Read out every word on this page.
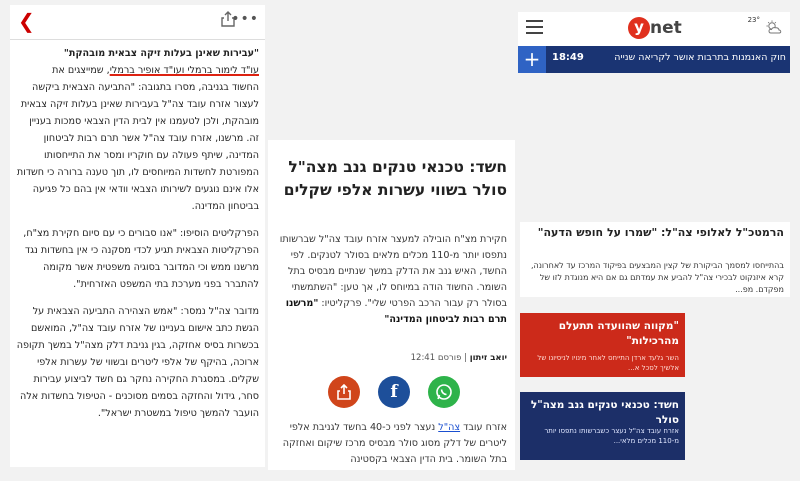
❮	•••

"עבירות שאינן בעלות זיקה צבאית מובהקת"

עו"ד לימור ברמלי ועו"ד אופיר ברמלי, שמייצגים את

החשוד בגניבה, מסרו בתגובה: "התביעה הצבאית ביקשה לעצור אזרח עובד צה"ל בעבירות שאינן בעלות זיקה צבאית מובהקת, ולכן לטעמנו אין לבית הדין הצבאי סמכות בעניין זה. מרשנו, אזרח עובד צה"ל אשר תרם רבות לביטחון המדינה, שיתף פעולה עם חוקריו ומסר את התייחסותו המפורטת לחשדות המיוחסים לו, תוך טענה ברורה כי חשדות אלו אינם נוגעים לשירותו הצבאי וודאי אין בהם כל פגיעה בביטחון המדינה.

הפרקליטים הוסיפו: "אנו סבורים כי עם סיום חקירת מצ"ח, הפרקליטות הצבאית תגיע לכדי מסקנה כי אין בחשדות נגד מרשנו ממש וכי המדובר בסוגיה משפטית אשר מקומה להתברר בפני מערכת בתי המשפט האזרחית".

מדובר צה"ל נמסר: "אמש הצהירה התביעה הצבאית על הגשת כתב אישום בעניינו של אזרח עובד צה"ל, המואשם בכשרות בסיס אחזקה, בגין גניבת דלק מצה"ל במשך תקופה ארוכה, בהיקף של אלפי ליטרים ובשווי של עשרות אלפי שקלים. במסגרת החקירה נחקר גם חשד לביצוע עבירות סחר, גידול והחזקה בסמים מסוכנים - הטיפול בחשדות אלה הועבר להמשך טיפול במשטרת ישראל".

חשד: טכנאי טנקים גנב מצה"ל סולר בשווי עשרות אלפי שקלים
חקירת מצ"ח הובילה למעצר אזרח עובד צה"ל שברשותו נתפסו יותר מ-110 מכלים מלאים בסולר לטנקים. לפי החשד, האיש גנב את הדלק במשך שנתיים מבסיס בתל השומר. החשוד הודה במיוחס לו, אך טען: "השתמשתי בסולר רק עבור הרכב הפרטי שלי". פרקליטיו: "מרשנו תרם רבות לביטחון המדינה"
יואב זיתון | פורסם 12:41
f
אזרח עובד צה"ל נעצר לפני כ-40 בחשד לגניבת אלפי ליטרים של דלק מסוג סולר מבסיס מרכז שיקום ואחזקה בתל השומר. בית הדין הצבאי בקסטינה
y net	23°
+	18:49	חוק האנמנות בתרבות אושר לקריאה שנייה
הרמטכ"ל לאלופי צה"ל: "שמרו על חופש הדעה"
בהתייחסו למסמך הביקורת של קצין המבצעים בפיקוד המרכז עד לאחרונה, קרא איזנקוט לבכירי צה"ל להביע את עמדתם גם אם היא מנוגדת לזו של מפקדם. מפ...
"מקווה שהוועדה תתעלם מהרכילות"
השר גלעד ארדן התייחס לאחר מינויו לניסיונו של אלשיך לסכל א...
חשד: טכנאי טנקים גנב מצה"ל סולר
אזרח עובד צה"ל נעצר כשברשותו נתפסו יותר מ-110 מכלים מלאי...
